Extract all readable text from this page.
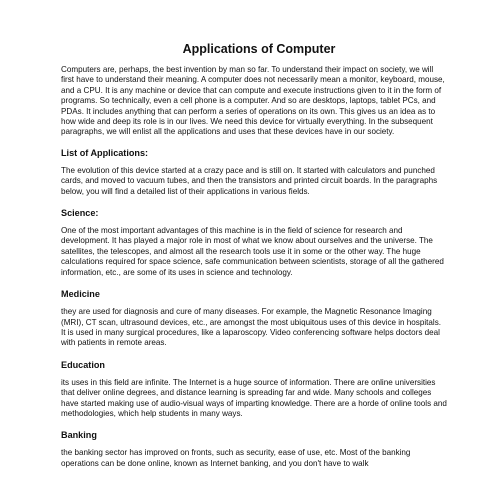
Applications of Computer

Computers are, perhaps, the best invention by man so far. To understand their impact on society, we will first have to understand their meaning. A computer does not necessarily mean a monitor, keyboard, mouse, and a CPU. It is any machine or device that can compute and execute instructions given to it in the form of programs. So technically, even a cell phone is a computer. And so are desktops, laptops, tablet PCs, and PDAs. It includes anything that can perform a series of operations on its own. This gives us an idea as to how wide and deep its role is in our lives. We need this device for virtually everything. In the subsequent paragraphs, we will enlist all the applications and uses that these devices have in our society.

List of Applications:

The evolution of this device started at a crazy pace and is still on. It started with calculators and punched cards, and moved to vacuum tubes, and then the transistors and printed circuit boards. In the paragraphs below, you will find a detailed list of their applications in various fields.

Science:

One of the most important advantages of this machine is in the field of science for research and development. It has played a major role in most of what we know about ourselves and the universe. The satellites, the telescopes, and almost all the research tools use it in some or the other way. The huge calculations required for space science, safe communication between scientists, storage of all the gathered information, etc., are some of its uses in science and technology.

Medicine

they are used for diagnosis and cure of many diseases. For example, the Magnetic Resonance Imaging (MRI), CT scan, ultrasound devices, etc., are amongst the most ubiquitous uses of this device in hospitals. It is used in many surgical procedures, like a laparoscopy. Video conferencing software helps doctors deal with patients in remote areas.

Education

its uses in this field are infinite. The Internet is a huge source of information. There are online universities that deliver online degrees, and distance learning is spreading far and wide. Many schools and colleges have started making use of audio-visual ways of imparting knowledge. There are a horde of online tools and methodologies, which help students in many ways.

Banking

the banking sector has improved on fronts, such as security, ease of use, etc. Most of the banking operations can be done online, known as Internet banking, and you don't have to walk
